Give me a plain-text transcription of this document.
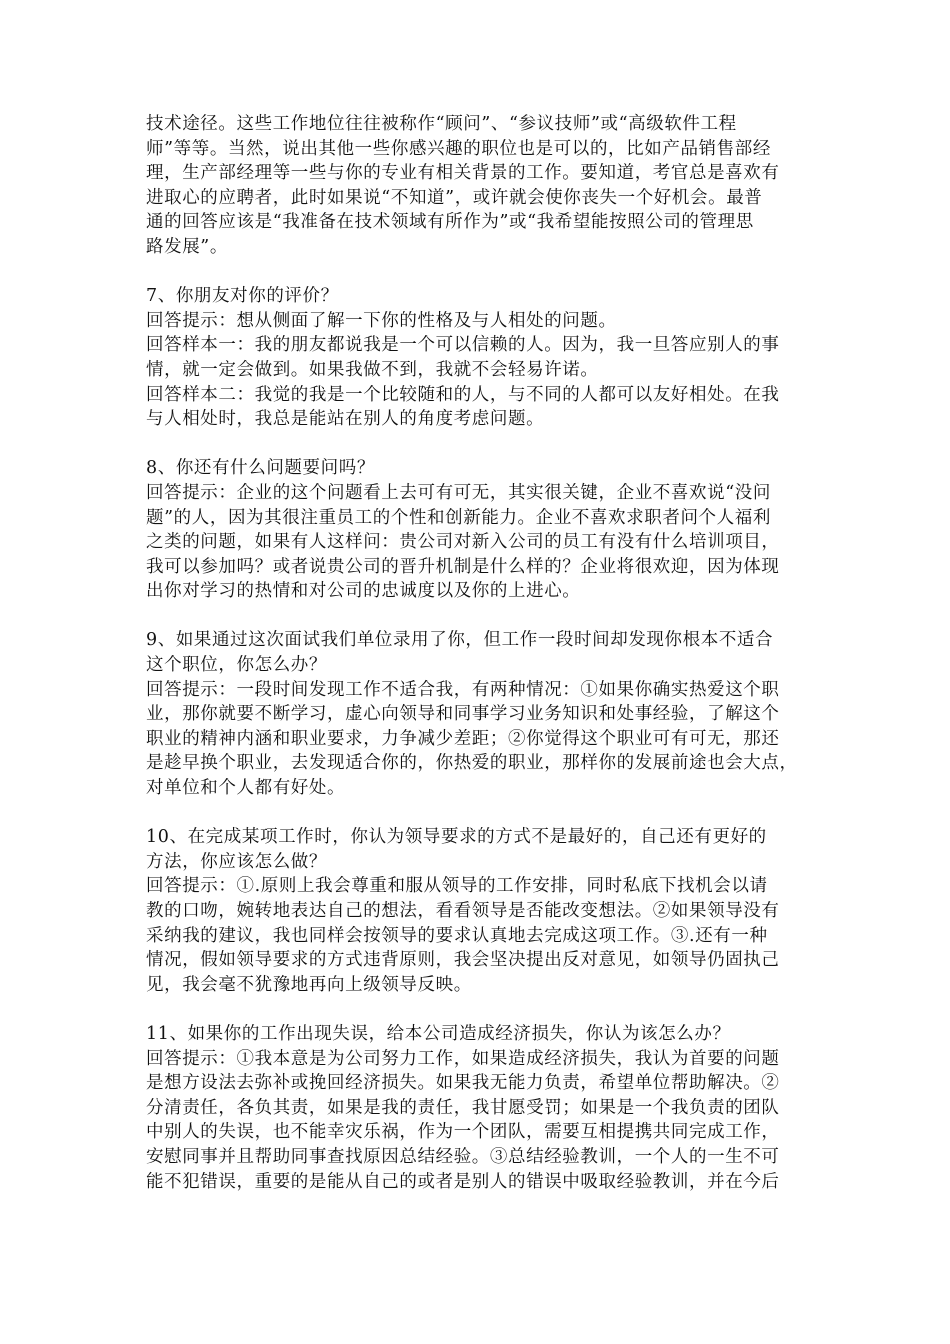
技术途径。这些工作地位往往被称作“顾问”、“参议技师”或“高级软件工程
师”等等。当然，说出其他一些你感兴趣的职位也是可以的，比如产品销售部经
理，生产部经理等一些与你的专业有相关背景的工作。要知道，考官总是喜欢有
进取心的应聘者，此时如果说“不知道”，或许就会使你丧失一个好机会。最普
通的回答应该是“我准备在技术领域有所作为”或“我希望能按照公司的管理思
路发展”。
7、你朋友对你的评价？
回答提示：想从侧面了解一下你的性格及与人相处的问题。
回答样本一：我的朋友都说我是一个可以信赖的人。因为，我一旦答应别人的事
情，就一定会做到。如果我做不到，我就不会轻易许诺。
回答样本二：我觉的我是一个比较随和的人，与不同的人都可以友好相处。在我
与人相处时，我总是能站在别人的角度考虑问题。
8、你还有什么问题要问吗？
回答提示：企业的这个问题看上去可有可无，其实很关键，企业不喜欢说“没问
题”的人，因为其很注重员工的个性和创新能力。企业不喜欢求职者问个人福利
之类的问题，如果有人这样问：贵公司对新入公司的员工有没有什么培训项目，
我可以参加吗？或者说贵公司的晋升机制是什么样的？企业将很欢迎，因为体现
出你对学习的热情和对公司的忠诚度以及你的上进心。
9、如果通过这次面试我们单位录用了你，但工作一段时间却发现你根本不适合
这个职位，你怎么办？
回答提示：一段时间发现工作不适合我，有两种情况：①如果你确实热爱这个职
业，那你就要不断学习，虚心向领导和同事学习业务知识和处事经验，了解这个
职业的精神内涵和职业要求，力争减少差距；②你觉得这个职业可有可无，那还
是趁早换个职业，去发现适合你的，你热爱的职业，那样你的发展前途也会大点，
对单位和个人都有好处。
10、在完成某项工作时，你认为领导要求的方式不是最好的，自己还有更好的
方法，你应该怎么做？
回答提示：①.原则上我会尊重和服从领导的工作安排，同时私底下找机会以请
教的口吻，婉转地表达自己的想法，看看领导是否能改变想法。②如果领导没有
采纳我的建议，我也同样会按领导的要求认真地去完成这项工作。③.还有一种
情况，假如领导要求的方式违背原则，我会坚决提出反对意见，如领导仍固执己
见，我会毫不犹豫地再向上级领导反映。
11、如果你的工作出现失误，给本公司造成经济损失，你认为该怎么办？
回答提示：①我本意是为公司努力工作，如果造成经济损失，我认为首要的问题
是想方设法去弥补或挽回经济损失。如果我无能力负责，希望单位帮助解决。②
分清责任，各负其责，如果是我的责任，我甘愿受罚；如果是一个我负责的团队
中别人的失误，也不能幸灾乐祸，作为一个团队，需要互相提携共同完成工作，
安慰同事并且帮助同事查找原因总结经验。③总结经验教训，一个人的一生不可
能不犯错误，重要的是能从自己的或者是别人的错误中吸取经验教训，并在今后
